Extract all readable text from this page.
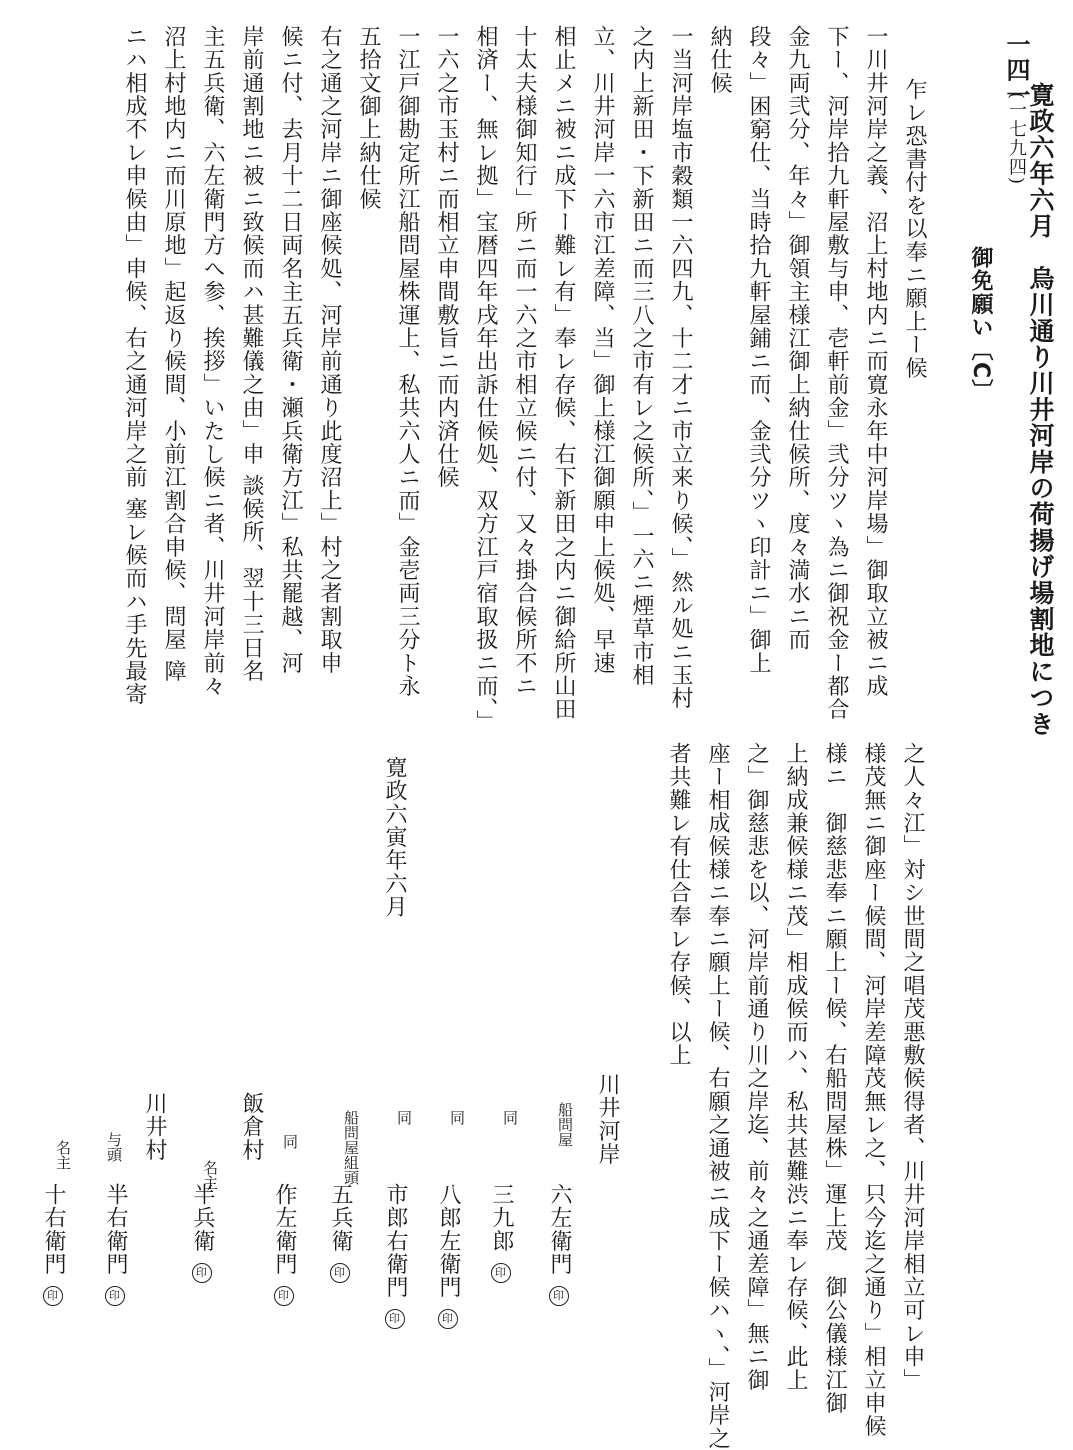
一四一
(一七九四) 寛政六年六月　烏川通り川井河岸の荷揚げ場割地につき
御免願い〔C〕
乍レ恐書付を以奉ニ願上ー候
一川井河岸之義、沼上村地内ニ而寛永年中河岸場」御取立被ニ成
下ー、河岸拾九軒屋敷与申、壱軒前金」弐分ツヽ為ニ御祝金ー都合
金九両弐分、年々」御領主様江御上納仕候所、度々満水ニ而
段々」困窮仕、当時拾九軒屋鋪ニ而、金弐分ツヽ印計ニ」御上
納仕候
一当河岸塩市穀類一六四九、十二才ニ市立来り候、」然ル処ニ玉村
之内上新田・下新田ニ而三八之市有レ之候所、」一六ニ煙草市相
立、川井河岸一六市江差障、当」御上様江御願申上候処、早速
相止メニ被ニ成下ー難レ有」奉レ存候、右下新田之内ニ御給所山田
十太夫様御知行」所ニ而一六之市相立候ニ付、又々掛合候所不ニ
相済ー、無レ拠」宝暦四年戌年出訴仕候処、双方江戸宿取扱ニ而、」
一六之市玉村ニ而相立申間敷旨ニ而内済仕候
一江戸御勘定所江船問屋株運上、私共六人ニ而」金壱両三分ト永
五拾文御上納仕候
右之通之河岸ニ御座候処、河岸前通り此度沼上」村之者割取申
候ニ付、去月十二日両名主五兵衛・瀬兵衛方江」私共罷越、河
岸前通割地ニ被ニ致候而ハ甚難儀之由」申 談候所、翌十三日名
主五兵衛、六左衛門方へ参、挨拶」いたし候ニ者、川井河岸前々
沼上村地内ニ而川原地」起返り候間、小前江割合申候、問屋 障
ニハ相成不レ申候由」申候、右之通河岸之前 塞レ候而ハ手先最寄
之人々江」対シ世間之唱茂悪敷候得者、川井河岸相立可レ申」
様茂無ニ御座ー候間、河岸差障茂無レ之、只今迄之通り」相立申候
様ニ　御慈悲奉ニ願上ー候、右船問屋株」運上茂　御公儀様江御
上納成兼候様ニ茂」相成候而ハ、私共甚難渋ニ奉レ存候、此上
之」御慈悲を以、河岸前通り川之岸迄、前々之通差障」無ニ御
座ー相成候様ニ奉ニ願上ー候、右願之通被ニ成下ー候ハヽ、」河岸之
者共難レ有仕合奉レ存候、以上
寛政六寅年六月
川井河岸
船問屋
六左衛門 印
同
三九郎 印
同
八郎左衛門 印
同
市郎右衛門 印
船問屋組頭
五兵衛 印
同
作左衛門 印
飯倉村
名主
半兵衛 印
川井村
与頭
半右衛門 印
名主
十右衛門 印
